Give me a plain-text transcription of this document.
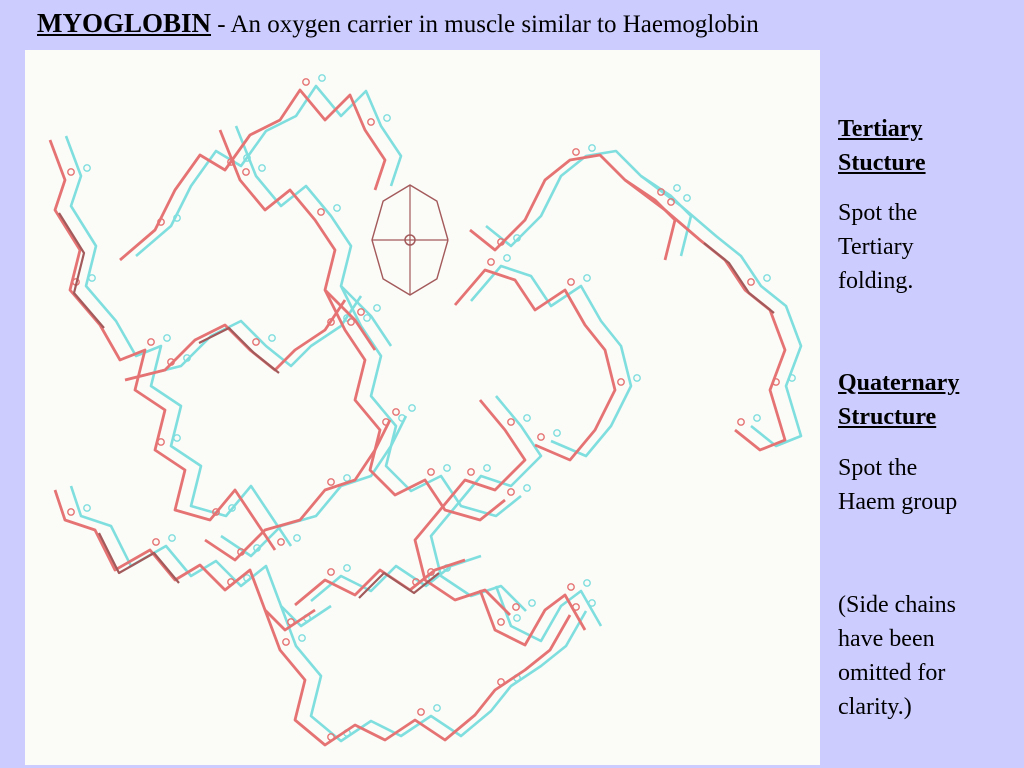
MYOGLOBIN - An oxygen carrier in muscle similar to Haemoglobin

Tertiary

Stucture

Spot the

Tertiary

folding.

Quaternary

Structure

Spot the

Haem group

(Side chains

have been

omitted for

clarity.)
